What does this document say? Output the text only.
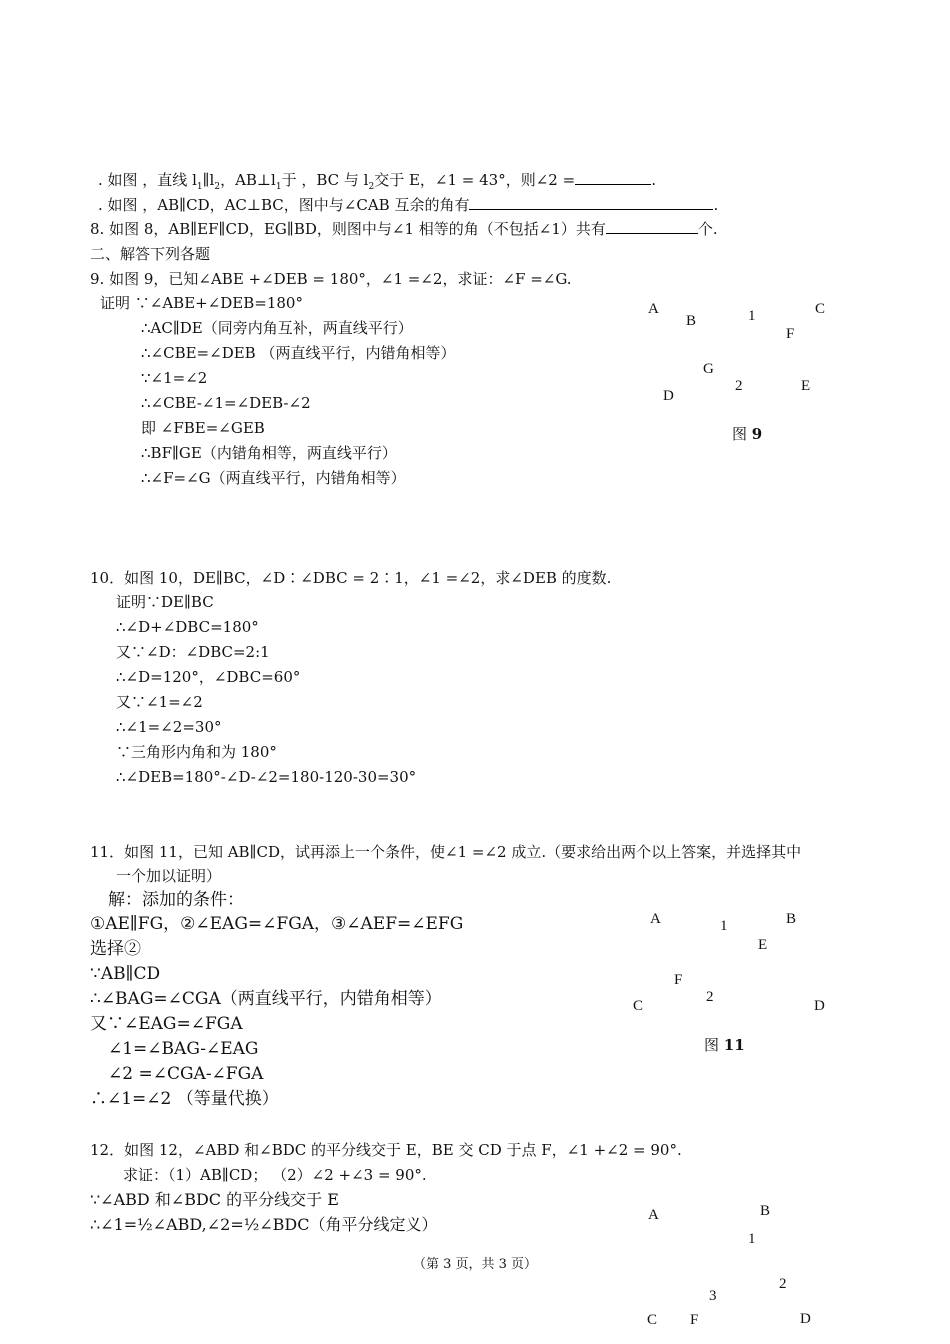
. 如图 ，直线 $l_1\parallel l_2$，$AB\perp l_1$于 ，BC 与 $l_2$交于 E，∠1 = 43°，则∠2 =	.
. 如图 ，AB∥CD，AC⊥BC，图中与∠CAB 互余的角有	.
8. 如图 8，AB∥EF∥CD，EG∥BD，则图中与∠1 相等的角（不包括∠1）共有	个.
二、解答下列各题
9. 如图 9，已知∠ABE +∠DEB = 180°，∠1 =∠2，求证：∠F =∠G.
证明 ∵∠ABE+∠DEB=180°
∴AC∥DE（同旁内角互补，两直线平行）
∴∠CBE=∠DEB （两直线平行，内错角相等）
∵∠1=∠2
∴∠CBE-∠1=∠DEB-∠2
即 ∠FBE=∠GEB
∴BF∥GE（内错角相等，两直线平行）
∴∠F=∠G（两直线平行，内错角相等）
A
B	1	C
F
G
2	E
D
图 9
10．如图 10，DE∥BC，∠D∶∠DBC = 2∶1，∠1 =∠2，求∠DEB 的度数.
证明∵DE∥BC
∴∠D+∠DBC=180°
又∵∠D：∠DBC=2:1
∴∠D=120°，∠DBC=60°
又∵∠1=∠2
∴∠1=∠2=30°
∵三角形内角和为 180°
∴∠DEB=180°-∠D-∠2=180-120-30=30°
11．如图 11，已知 AB∥CD，试再添上一个条件，使∠1 =∠2 成立.（要求给出两个以上答案，并选择其中
一个加以证明）
解：添加的条件：
①AE∥FG，②∠EAG=∠FGA，③∠AEF=∠EFG
选择②
∵AB∥CD
∴∠BAG=∠CGA（两直线平行，内错角相等）
又∵∠EAG=∠FGA
∠1=∠BAG-∠EAG
∠2 =∠CGA-∠FGA
∴∠1=∠2 （等量代换）
A	1	B
E
F
2
C	D
图 11
12．如图 12，∠ABD 和∠BDC 的平分线交于 E，BE 交 CD 于点 F，∠1 +∠2 = 90°.
求证：（1）AB∥CD； （2）∠2 +∠3 = 90°.
∵∠ABD 和∠BDC 的平分线交于 E
∴∠1=½∠ABD,∠2=½∠BDC（角平分线定义）	A	B
1
2
3
C F	D
（第 3 页，共 3 页）
